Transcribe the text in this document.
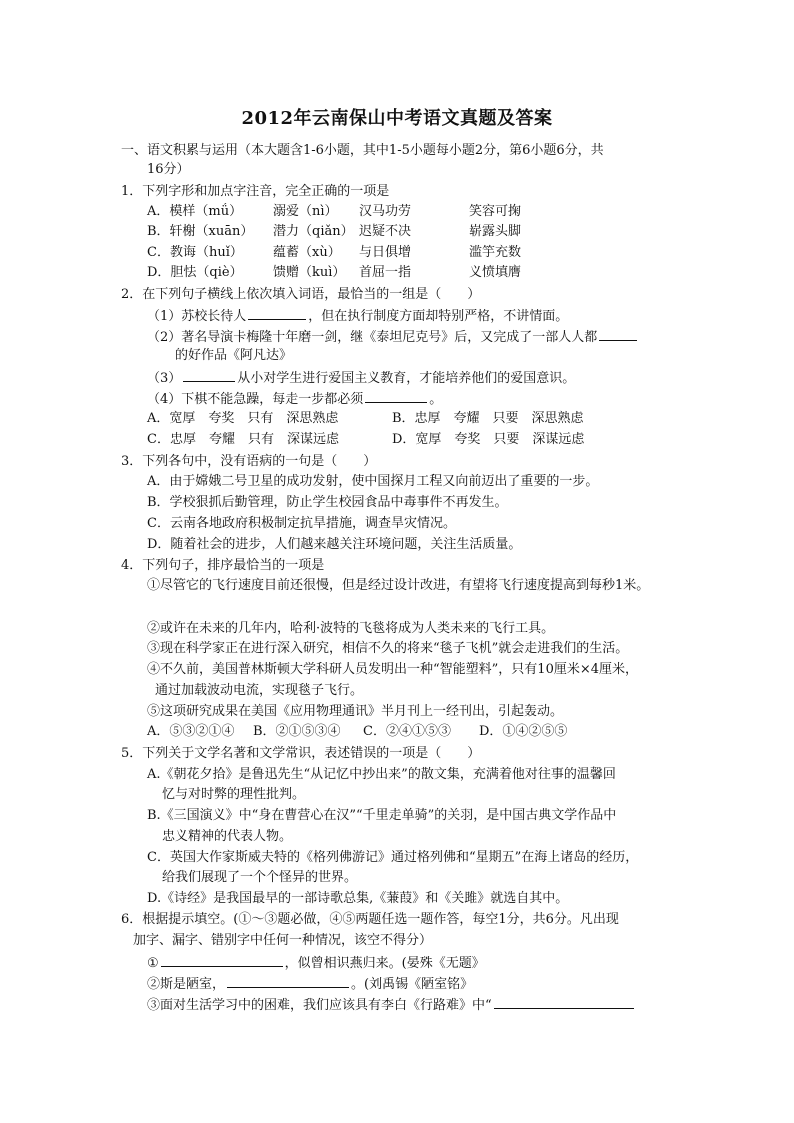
2012年云南保山中考语文真题及答案
一、语文积累与运用（本大题含1-6小题，其中1-5小题每小题2分，第6小题6分，共
16分）
1．下列字形和加点字注音，完全正确的一项是
A．模样（mǘ） 溺爱（nì） 汉马功劳	笑容可掬
B．轩榭（xuān） 潜力（qiǎn） 迟疑不决	崭露头脚
C．教诲（huǐ） 蕴蓄（xù） 与日俱增	滥竽充数
D．胆怯（qiè） 馈赠（kuì） 首屈一指	义愤填膺
2．在下列句子横线上依次填入词语，最恰当的一组是（　　）
（1）苏校长待人	，但在执行制度方面却特别严格，不讲情面。
（2）著名导演卡梅隆十年磨一剑，继《泰坦尼克号》后，又完成了一部人人都
的好作品《阿凡达》
（3）	从小对学生进行爱国主义教育，才能培养他们的爱国意识。
（4）下棋不能急躁，每走一步都必须	。
A．宽厚　夸奖　只有　深思熟虑	B．忠厚　夸耀　只要　深思熟虑
C．忠厚　夸耀　只有　深谋远虑	D．宽厚　夸奖　只要　深谋远虑
3．下列各句中，没有语病的一句是（　　）
A．由于嫦娥二号卫星的成功发射，使中国探月工程又向前迈出了重要的一步。
B．学校狠抓后勤管理，防止学生校园食品中毒事件不再发生。
C．云南各地政府积极制定抗旱措施，调查旱灾情况。
D．随着社会的进步，人们越来越关注环境问题，关注生活质量。
4．下列句子，排序最恰当的一项是
①尽管它的飞行速度目前还很慢，但是经过设计改进，有望将飞行速度提高到每秒1米。
②或许在未来的几年内，哈利·波特的飞毯将成为人类未来的飞行工具。
③现在科学家正在进行深入研究，相信不久的将来“毯子飞机”就会走进我们的生活。
④不久前，美国普林斯顿大学科研人员发明出一种“智能塑料”，只有10厘米×4厘米，
通过加载波动电流，实现毯子飞行。
⑤这项研究成果在美国《应用物理通讯》半月刊上一经刊出，引起轰动。
A．⑤③②①④ B．②①⑤③④ C．②④①⑤③ D．①④②⑤⑤
5．下列关于文学名著和文学常识，表述错误的一项是（　　）
A.《朝花夕拾》是鲁迅先生“从记忆中抄出来”的散文集，充满着他对往事的温馨回
忆与对时弊的理性批判。
B.《三国演义》中“身在曹营心在汉”“千里走单骑”的关羽，是中国古典文学作品中
忠义精神的代表人物。
C．英国大作家斯威夫特的《格列佛游记》通过格列佛和“星期五”在海上诸岛的经历，
给我们展现了一个个怪异的世界。
D.《诗经》是我国最早的一部诗歌总集,《蒹葭》和《关雎》就选自其中。
6．根据提示填空。(①～③题必做，④⑤两题任选一题作答，每空1分，共6分。凡出现
加字、漏字、错别字中任何一种情况，该空不得分）
①	，似曾相识燕归来。(晏殊《无题》
②斯是陋室，	。(刘禹锡《陋室铭》
③面对生活学习中的困难，我们应该具有李白《行路难》中“
